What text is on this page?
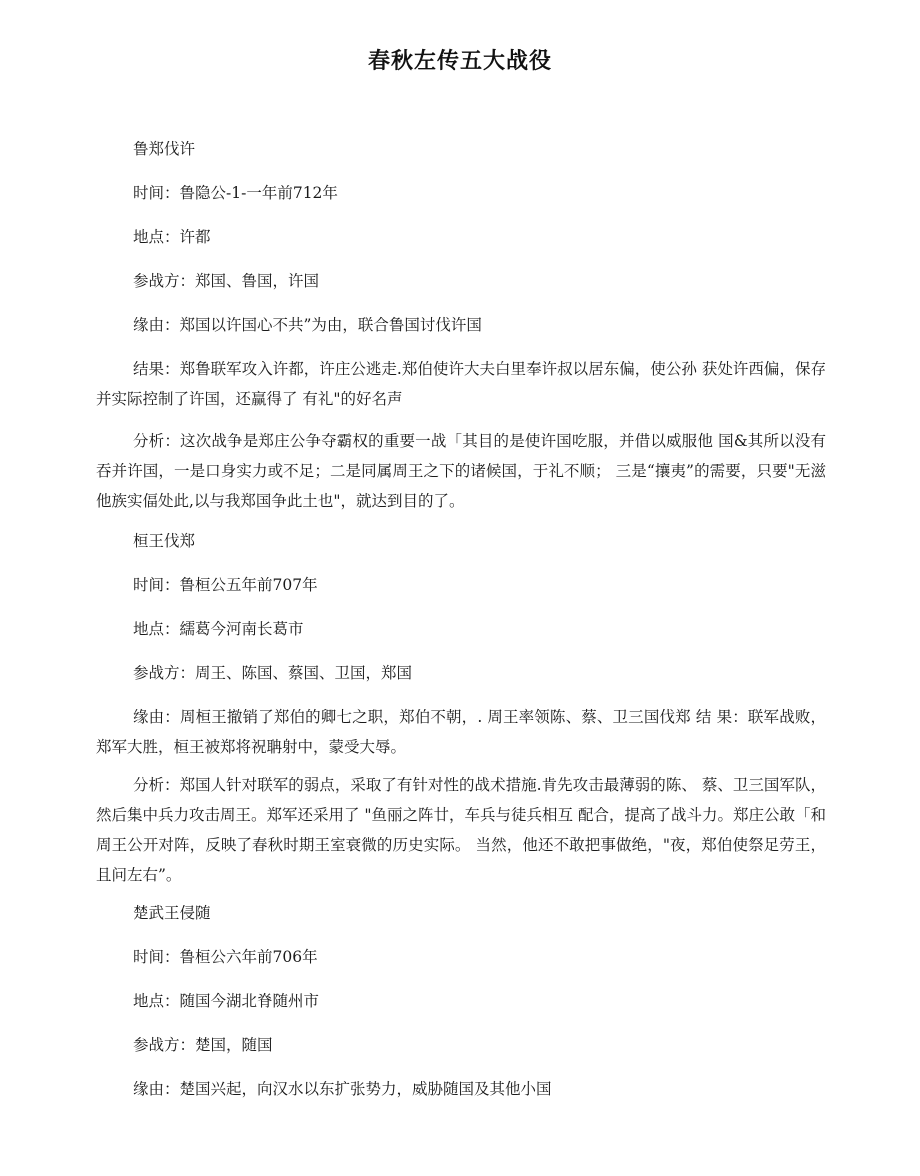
春秋左传五大战役

鲁郑伐许

时间：鲁隐公-1-一年前712年

地点：许都

参战方：郑国、鲁国，许国

缘由：郑国以许国心不共”为由，联合鲁国讨伐许国

结果：郑鲁联军攻入许都，许庄公逃走.郑伯使许大夫白里奉许叔以居东偏，使公孙 获处许西偏，保存并实际控制了许国，还赢得了 有礼"的好名声

分析：这次战争是郑庄公争夺霸权的重要一战「其目的是使许国吃服，并借以威服他 国&其所以没有吞并许国，一是口身实力或不足；二是同属周王之下的诸候国，于礼不顺； 三是“攘夷”的需要，只要"无滋他族实偪处此,以与我郑国争此土也"，就达到目的了。

桓王伐郑

时间：鲁桓公五年前707年

地点：繻葛今河南长葛市

参战方：周王、陈国、蔡国、卫国，郑国

缘由：周桓王撤销了郑伯的卿七之职，郑伯不朝，. 周王率领陈、蔡、卫三国伐郑 结 果：联军战败，郑军大胜，桓王被郑将祝聃射中，蒙受大辱。

分析：郑国人针对联军的弱点，采取了有针对性的战术措施.肯先攻击最薄弱的陈、 蔡、卫三国军队，然后集中兵力攻击周王。郑军还采用了 "鱼丽之阵廿，车兵与徒兵相互 配合，提高了战斗力。郑庄公敢「和周王公开对阵，反映了春秋时期王室衰微的历史实际。 当然，他还不敢把事做绝，"夜，郑伯使祭足劳王，且问左右”。

楚武王侵随

时间：鲁桓公六年前706年

地点：随国今湖北脊随州市

参战方：楚国，随国

缘由：楚国兴起，向汉水以东扩张势力，威胁随国及其他小国
